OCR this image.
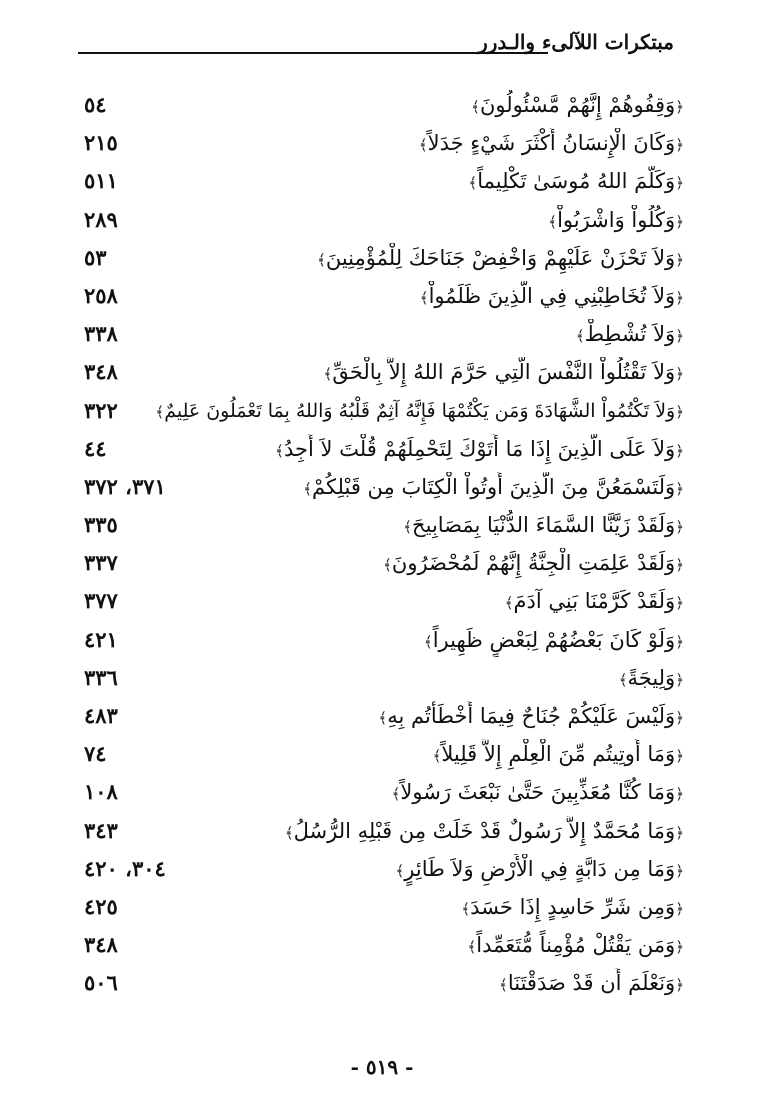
مبتكرات اللآلىء والـدرر
﴿وَقِفُوهُمْ إِنَّهُمْ مَّسْئُولُونَ﴾
٥٤
﴿وَكَانَ الْإِنسَانُ أَكْثَرَ شَيْءٍ جَدَلاً﴾
٢١٥
﴿وَكَلَّمَ اللهُ مُوسَىٰ تَكْلِيماً﴾
٥١١
﴿وَكُلُواْ وَاشْرَبُواْ﴾
٢٨٩
﴿وَلاَ تَحْزَنْ عَلَيْهِمْ وَاخْفِضْ جَنَاحَكَ لِلْمُؤْمِنِينَ﴾
٥٣
﴿وَلاَ تُخَاطِبْنِي فِي الَّذِينَ ظَلَمُواْ﴾
٢٥٨
﴿وَلاَ تُشْطِطْ﴾
٣٣٨
﴿وَلاَ تَقْتُلُواْ النَّفْسَ الَّتِي حَرَّمَ اللهُ إِلاَّ بِالْحَقِّ﴾
٣٤٨
﴿وَلاَ تَكْتُمُواْ الشَّهَادَةَ وَمَن يَكْتُمْهَا فَإِنَّهُ آثِمٌ قَلْبُهُ وَاللهُ بِمَا تَعْمَلُونَ عَلِيمٌ﴾
٣٢٢
﴿وَلاَ عَلَى الَّذِينَ إِذَا مَا أَتَوْكَ لِتَحْمِلَهُمْ قُلْتَ لاَ أَجِدُ﴾
٤٤
﴿وَلَتَسْمَعُنَّ مِنَ الَّذِينَ أُوتُواْ الْكِتَابَ مِن قَبْلِكُمْ﴾
٣٧١، ٣٧٢
﴿وَلَقَدْ زَيَّنَّا السَّمَاءَ الدُّنْيَا بِمَصَابِيحَ﴾
٣٣٥
﴿وَلَقَدْ عَلِمَتِ الْجِنَّةُ إِنَّهُمْ لَمُحْضَرُونَ﴾
٣٣٧
﴿وَلَقَدْ كَرَّمْنَا بَنِي آدَمَ﴾
٣٧٧
﴿وَلَوْ كَانَ بَعْضُهُمْ لِبَعْضٍ ظَهِيراً﴾
٤٢١
﴿وَلِيجَةً﴾
٣٣٦
﴿وَلَيْسَ عَلَيْكُمْ جُنَاحٌ فِيمَا أَخْطَأْتُم بِهِ﴾
٤٨٣
﴿وَمَا أُوتِيتُم مِّنَ الْعِلْمِ إِلاَّ قَلِيلاً﴾
٧٤
﴿وَمَا كُنَّا مُعَذِّبِينَ حَتَّىٰ نَبْعَثَ رَسُولاً﴾
١٠٨
﴿وَمَا مُحَمَّدٌ إِلاَّ رَسُولٌ قَدْ خَلَتْ مِن قَبْلِهِ الرُّسُلُ﴾
٣٤٣
﴿وَمَا مِن دَابَّةٍ فِي الْأَرْضِ وَلاَ طَائِرٍ﴾
٣٠٤، ٤٢٠
﴿وَمِن شَرِّ حَاسِدٍ إِذَا حَسَدَ﴾
٤٢٥
﴿وَمَن يَقْتُلْ مُؤْمِناً مُّتَعَمِّداً﴾
٣٤٨
﴿وَنَعْلَمَ أَن قَدْ صَدَقْتَنَا﴾
٥٠٦
- ٥١٩ -
